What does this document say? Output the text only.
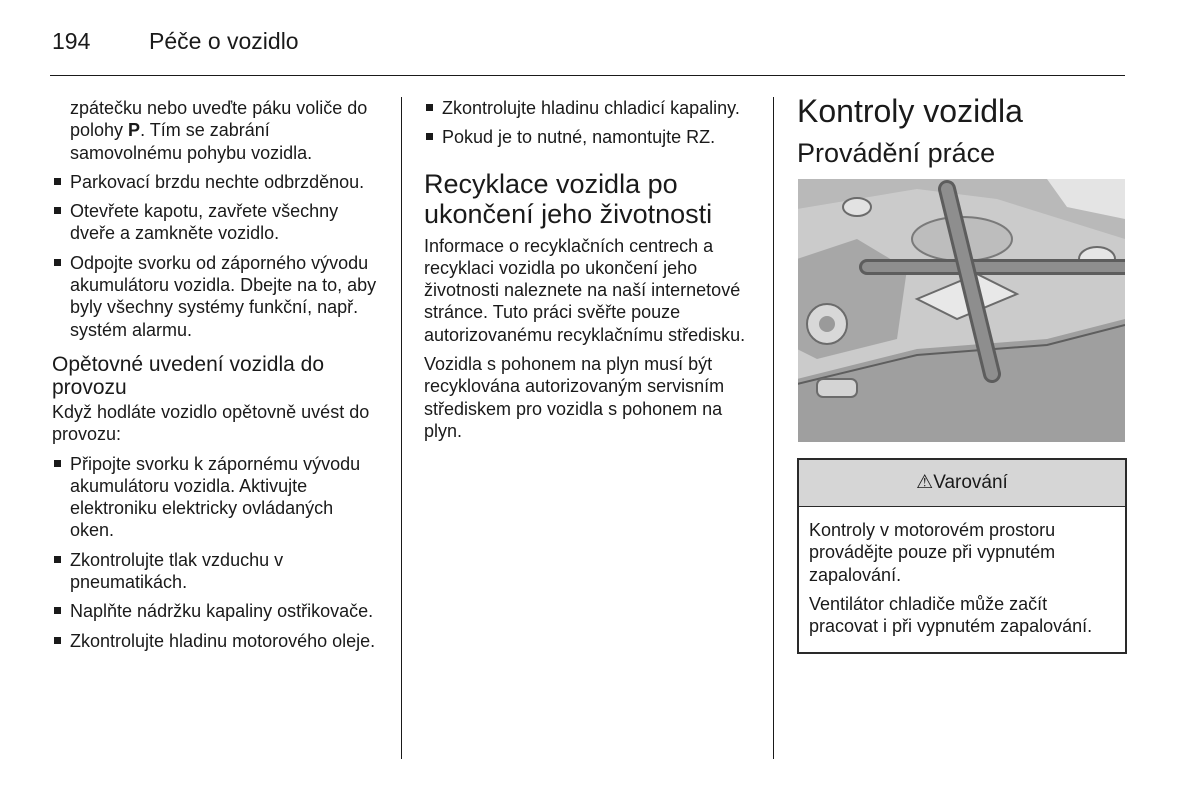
194	Péče o vozidlo

zpátečku nebo uveďte páku voliče do polohy P. Tím se zabrání samovolnému pohybu vozidla.

Parkovací brzdu nechte odbrzděnou.
Otevřete kapotu, zavřete všechny dveře a zamkněte vozidlo.
Odpojte svorku od záporného vývodu akumulátoru vozidla. Dbejte na to, aby byly všechny systémy funkční, např. systém alarmu.
Opětovné uvedení vozidla do provozu

Když hodláte vozidlo opětovně uvést do provozu:

Připojte svorku k zápornému vývodu akumulátoru vozidla. Aktivujte elektroniku elektricky ovládaných oken.
Zkontrolujte tlak vzduchu v pneumatikách.
Naplňte nádržku kapaliny ostřikovače.
Zkontrolujte hladinu motorového oleje.
Zkontrolujte hladinu chladicí kapaliny.
Pokud je to nutné, namontujte RZ.
Recyklace vozidla po ukončení jeho životnosti

Informace o recyklačních centrech a recyklaci vozidla po ukončení jeho životnosti naleznete na naší internetové stránce. Tuto práci svěřte pouze autorizovanému recyklačnímu středisku.

Vozidla s pohonem na plyn musí být recyklována autorizovaným servisním střediskem pro vozidla s pohonem na plyn.

Kontroly vozidla
Provádění práce
⚠Varování

Kontroly v motorovém prostoru provádějte pouze při vypnutém zapalování.

Ventilátor chladiče může začít pracovat i při vypnutém zapalování.
